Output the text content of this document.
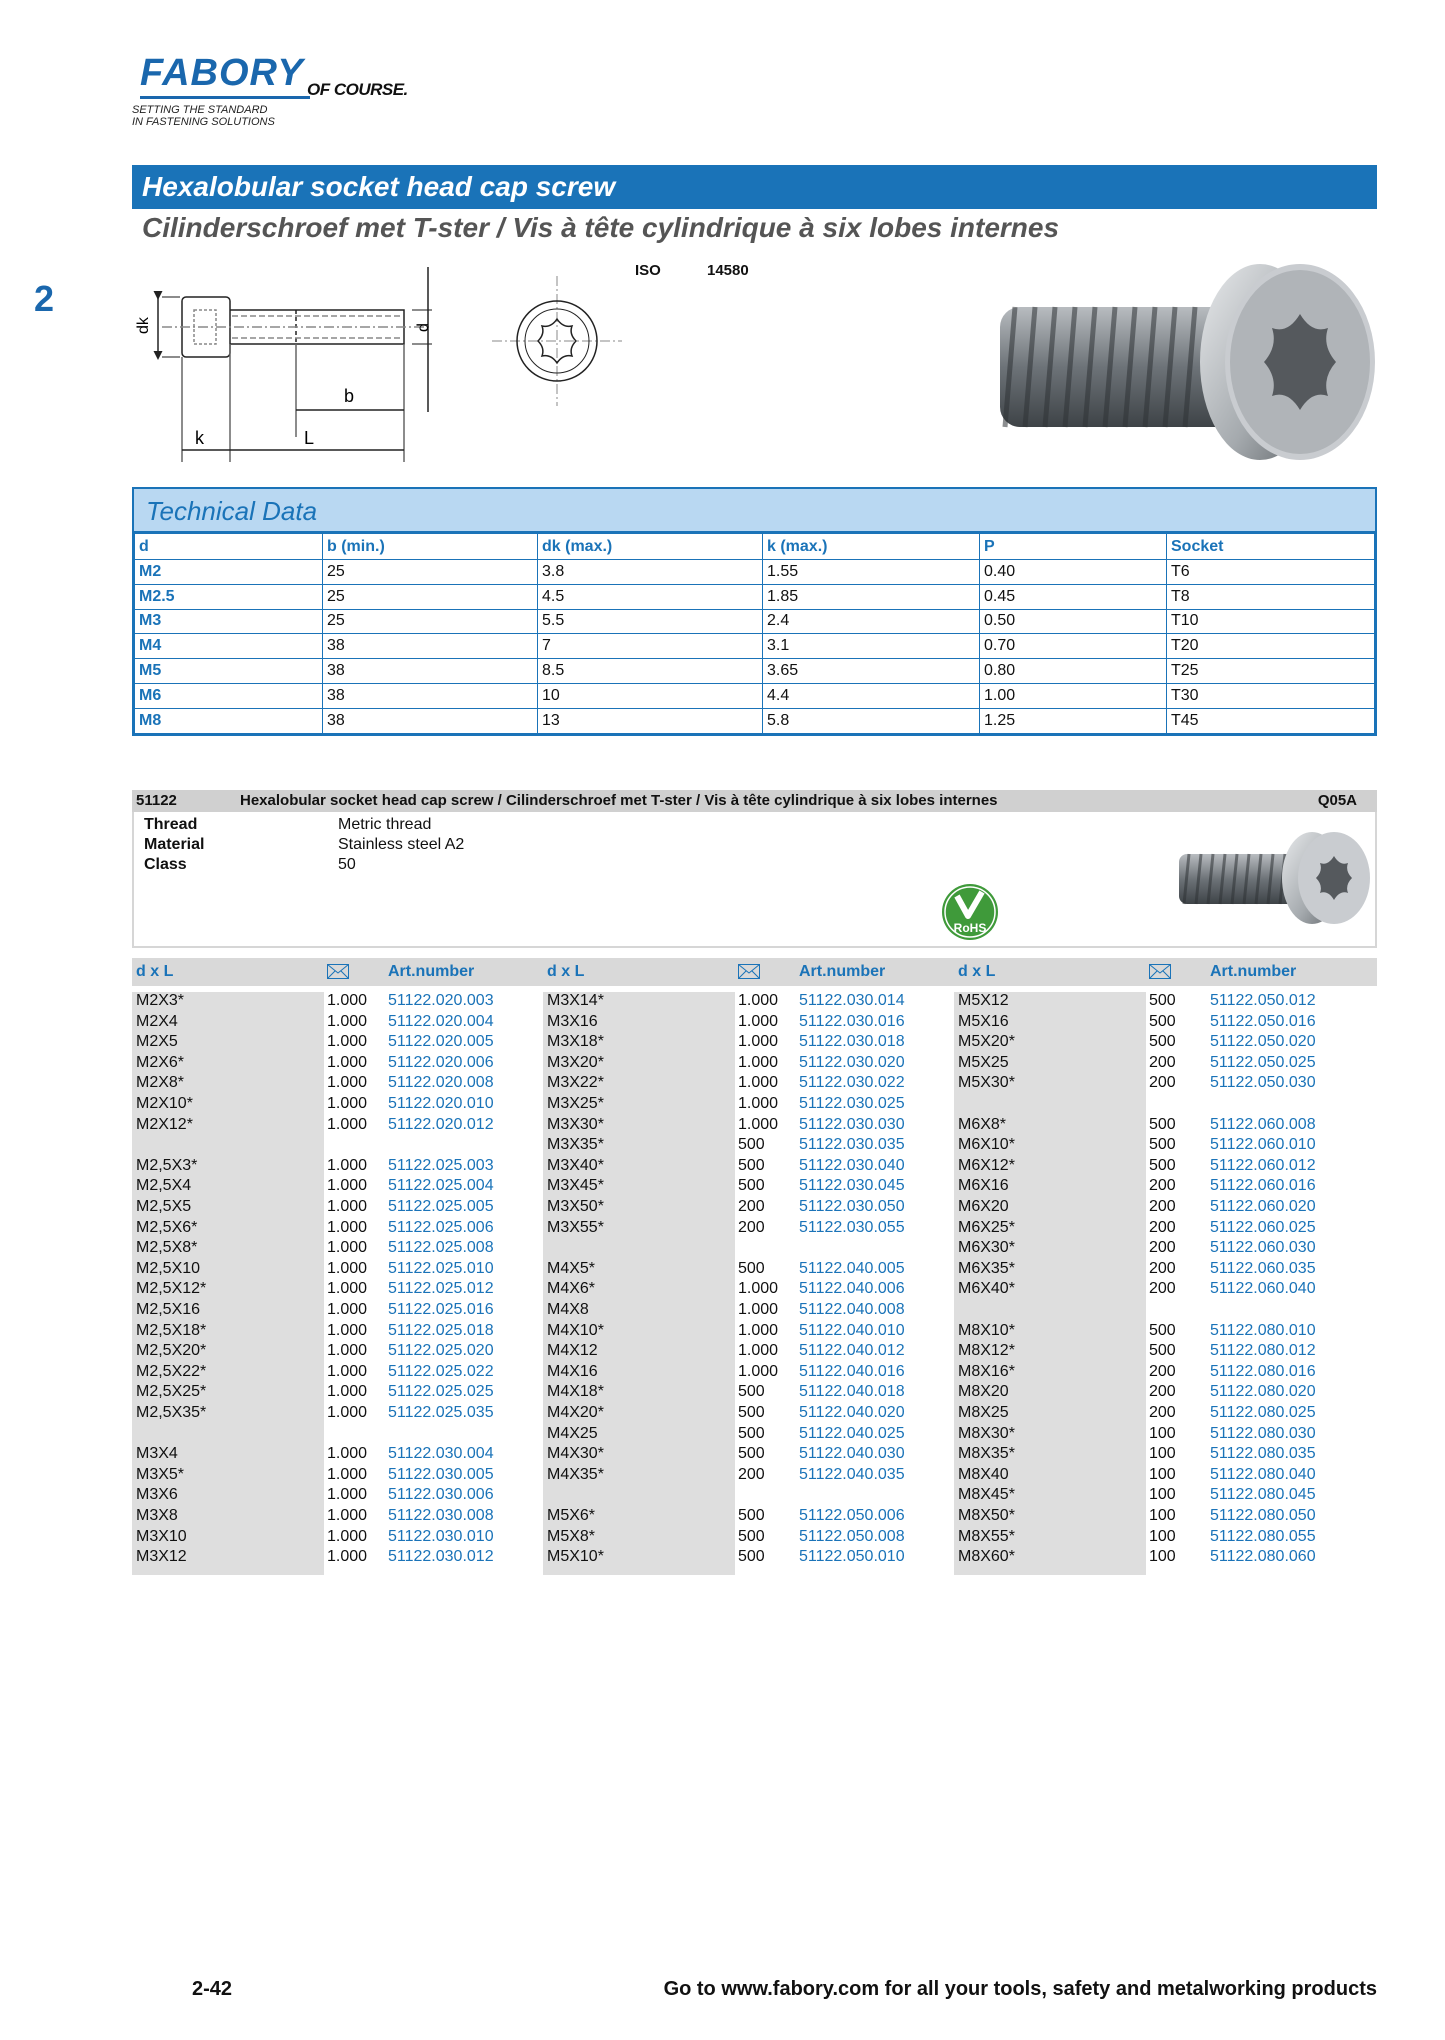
FABORY OF COURSE.
SETTING THE STANDARD
IN FASTENING SOLUTIONS
2
Hexalobular socket head cap screw
Cilinderschroef met T-ster / Vis à tête cylindrique à six lobes internes
ISO	14580
dk	d
b
k	L
Technical Data
d	b (min.)	dk (max.)	k (max.)	P	Socket
M2	25	3.8	1.55	0.40	T6
M2.5	25	4.5	1.85	0.45	T8
M3	25	5.5	2.4	0.50	T10
M4	38	7	3.1	0.70	T20
M5	38	8.5	3.65	0.80	T25
M6	38	10	4.4	1.00	T30
M8	38	13	5.8	1.25	T45
51122	Hexalobular socket head cap screw / Cilinderschroef met T-ster / Vis à tête cylindrique à six lobes internes	Q05A
Thread	Metric thread
Material	Stainless steel A2
Class	50
RoHS
d x L	Art.number	d x L	Art.number	d x L	Art.number
M2X3*	1.000 51122.020.003
M2X4	1.000 51122.020.004
M2X5	1.000 51122.020.005
M2X6*	1.000 51122.020.006
M2X8*	1.000 51122.020.008
M2X10*	1.000 51122.020.010
M2X12*	1.000 51122.020.012
M2,5X3*	1.000 51122.025.003
M2,5X4	1.000 51122.025.004
M2,5X5	1.000 51122.025.005
M2,5X6*	1.000 51122.025.006
M2,5X8*	1.000 51122.025.008
M2,5X10	1.000 51122.025.010
M2,5X12*	1.000 51122.025.012
M2,5X16	1.000 51122.025.016
M2,5X18*	1.000 51122.025.018
M2,5X20*	1.000 51122.025.020
M2,5X22*	1.000 51122.025.022
M2,5X25*	1.000 51122.025.025
M2,5X35*	1.000 51122.025.035
M3X4	1.000 51122.030.004
M3X5*	1.000 51122.030.005
M3X6	1.000 51122.030.006
M3X8	1.000 51122.030.008
M3X10	1.000 51122.030.010
M3X12	1.000 51122.030.012
M3X14*	1.000 51122.030.014
M3X16	1.000 51122.030.016
M3X18*	1.000 51122.030.018
M3X20*	1.000 51122.030.020
M3X22*	1.000 51122.030.022
M3X25*	1.000 51122.030.025
M3X30*	1.000 51122.030.030
M3X35*	500 51122.030.035
M3X40*	500 51122.030.040
M3X45*	500 51122.030.045
M3X50*	200 51122.030.050
M3X55*	200 51122.030.055
M4X5*	500 51122.040.005
M4X6*	1.000 51122.040.006
M4X8	1.000 51122.040.008
M4X10*	1.000 51122.040.010
M4X12	1.000 51122.040.012
M4X16	1.000 51122.040.016
M4X18*	500 51122.040.018
M4X20*	500 51122.040.020
M4X25	500 51122.040.025
M4X30*	500 51122.040.030
M4X35*	200 51122.040.035
M5X6*	500 51122.050.006
M5X8*	500 51122.050.008
M5X10*	500 51122.050.010
M5X12	500 51122.050.012
M5X16	500 51122.050.016
M5X20*	500 51122.050.020
M5X25	200 51122.050.025
M5X30*	200 51122.050.030
M6X8*	500 51122.060.008
M6X10*	500 51122.060.010
M6X12*	500 51122.060.012
M6X16	200 51122.060.016
M6X20	200 51122.060.020
M6X25*	200 51122.060.025
M6X30*	200 51122.060.030
M6X35*	200 51122.060.035
M6X40*	200 51122.060.040
M8X10*	500 51122.080.010
M8X12*	500 51122.080.012
M8X16*	200 51122.080.016
M8X20	200 51122.080.020
M8X25	200 51122.080.025
M8X30*	100 51122.080.030
M8X35*	100 51122.080.035
M8X40	100 51122.080.040
M8X45*	100 51122.080.045
M8X50*	100 51122.080.050
M8X55*	100 51122.080.055
M8X60*	100 51122.080.060
2-42	Go to www.fabory.com for all your tools, safety and metalworking products
